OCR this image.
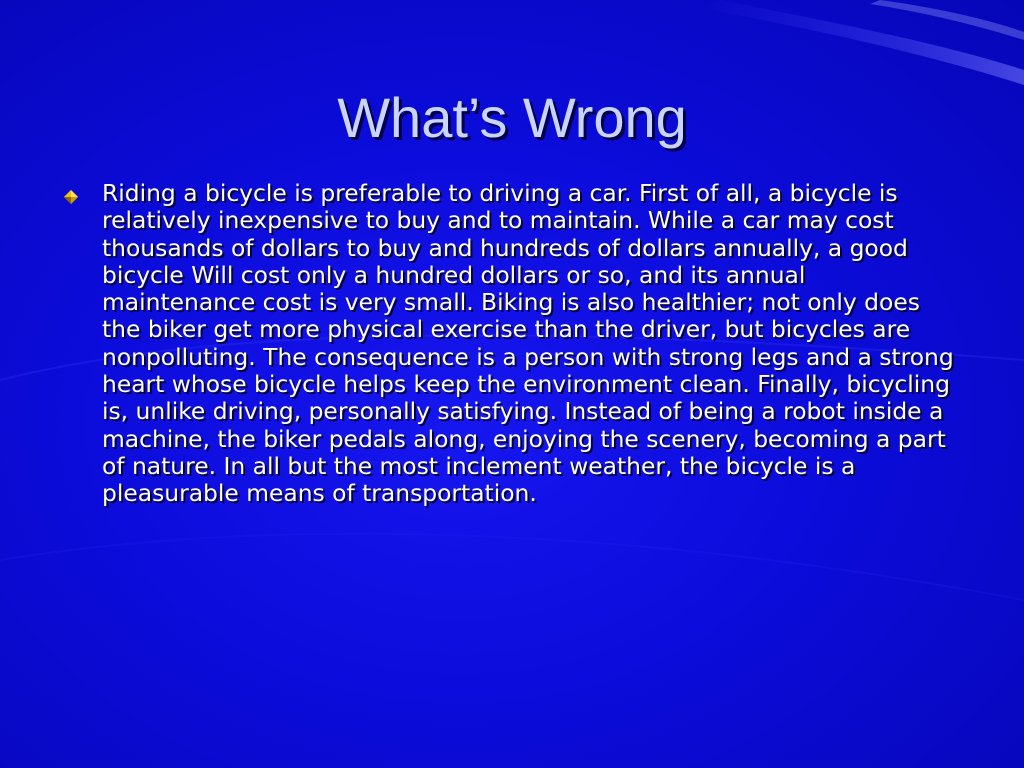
What’s Wrong
Riding a bicycle is preferable to driving a car. First of all, a bicycle is relatively inexpensive to buy and to maintain. While a car may cost thousands of dollars to buy and hundreds of dollars annually, a good bicycle Will cost only a hundred dollars or so, and its annual maintenance cost is very small. Biking is also healthier; not only does the biker get more physical exercise than the driver, but bicycles are nonpolluting. The consequence is a person with strong legs and a strong heart whose bicycle helps keep the environment clean. Finally, bicycling is, unlike driving, personally satisfying. Instead of being a robot inside a machine, the biker pedals along, enjoying the scenery, becoming a part of nature. In all but the most inclement weather, the bicycle is a pleasurable means of transportation.
